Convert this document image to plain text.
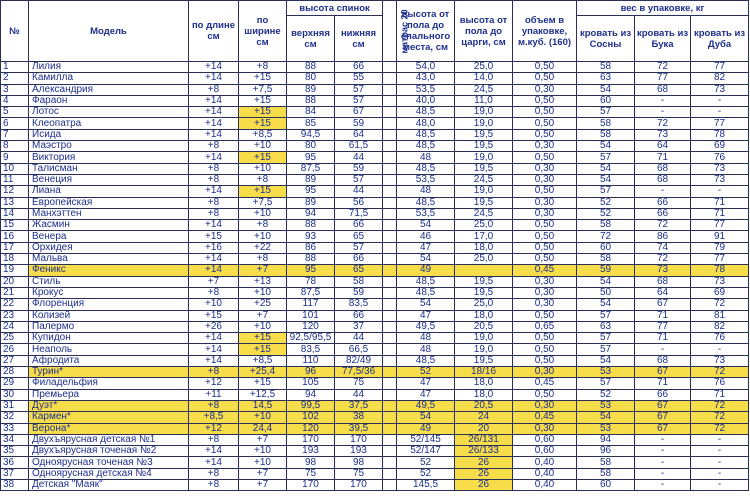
№	Модель	по длине см	по ширине см	высота спинок		матрас 20	высота от пола до спального места, см	высота от пола до царги, см	объем в упаковке, м.куб. (160)	вес в упаковке, кг		
				верхняя см	нижняя см					кровать из Сосны	кровать из Бука	кровать из Дуба
1	Лилия	+14	+8	88	66		54,0	25,0	0,50	58	72	77
2	Камилла	+14	+15	80	55		43,0	14,0	0,50	63	77	82
3	Александрия	+8	+7,5	89	57		53,5	24,5	0,30	54	68	73
4	Фараон	+14	+15	88	57		40,0	11,0	0,50	60	-	-
5	Лотос	+14	+15	84	67		48,5	19,0	0,50	57	-	-
6	Клеопатра	+14	+15	85	59		48,0	19,0	0,50	58	72	77
7	Исида	+14	+8,5	94,5	64		48,5	19,5	0,50	58	73	78
8	Маэстро	+8	+10	80	61,5		48,5	19,5	0,30	54	64	69
9	Виктория	+14	+15	95	44		48	19,0	0,50	57	71	76
10	Талисман	+8	+10	87,5	59		48,5	19,5	0,30	54	68	73
11	Венеция	+8	+8	89	57		53,5	24,5	0,30	54	68	73
12	Лиана	+14	+15	95	44		48	19,0	0,50	57	-	-
13	Европейская	+8	+7,5	89	56		48,5	19,5	0,30	52	66	71
14	Манхэттен	+8	+10	94	71,5		53,5	24,5	0,30	52	66	71
15	Жасмин	+14	+8	88	66		54	25,0	0,50	58	72	77
16	Венера	+15	+10	93	65		46	17,0	0,50	72	86	91
17	Орхидея	+16	+22	86	57		47	18,0	0,50	60	74	79
18	Мальва	+14	+8	88	66		54	25,0	0,50	58	72	77
19	Феникс	+14	+7	95	65		49		0,45	59	73	78
20	Стиль	+7	+13	78	58		48,5	19,5	0,30	54	68	73
21	Крокус	+8	+10	87,5	59		48,5	19,5	0,30	50	64	69
22	Флоренция	+10	+25	117	83,5		54	25,0	0,30	54	67	72
23	Колизей	+15	+7	101	66		47	18,0	0,50	57	71	81
24	Палермо	+26	+10	120	37		49,5	20,5	0,65	63	77	82
25	Купидон	+14	+15	92,5/95,5	44		48	19,0	0,50	57	71	76
26	Неаполь	+14	+15	83,5	66,5		48	19,0	0,50	57	-	-
27	Афродита	+14	+8,5	110	82/49		48,5	19,5	0,50	54	68	73
28	Турин*	+8	+25,4	96	77,5/36		52	18/16	0,30	53	67	72
29	Филадельфия	+12	+15	105	75		47	18,0	0,45	57	71	76
30	Премьера	+11	+12,5	94	44		47	18,0	0,50	52	66	71
31	Дуэт*	+8	14,5	99,5	37,5		49,5	20,5	0,30	53	67	72
32	Кармен*	+8,5	+10	102	38		54	24	0,45	54	67	72
33	Верона*	+12	24,4	120	39,5		49	20	0,30	53	67	72
34	Двухъярусная детская №1	+8	+7	170	170		52/145	26/131	0,60	94	-	-
35	Двухъярусная точеная №2	+14	+10	193	193		52/147	26/133	0,60	96	-	-
36	Одноярусная точеная №3	+14	+10	98	98		52	26	0,40	58	-	-
37	Одноярусная детская №4	+8	+7	75	75		52	26	0,40	58	-	-
38	Детская "Маяк"	+8	+7	170	170		145,5	26	0,40	60	-	-
